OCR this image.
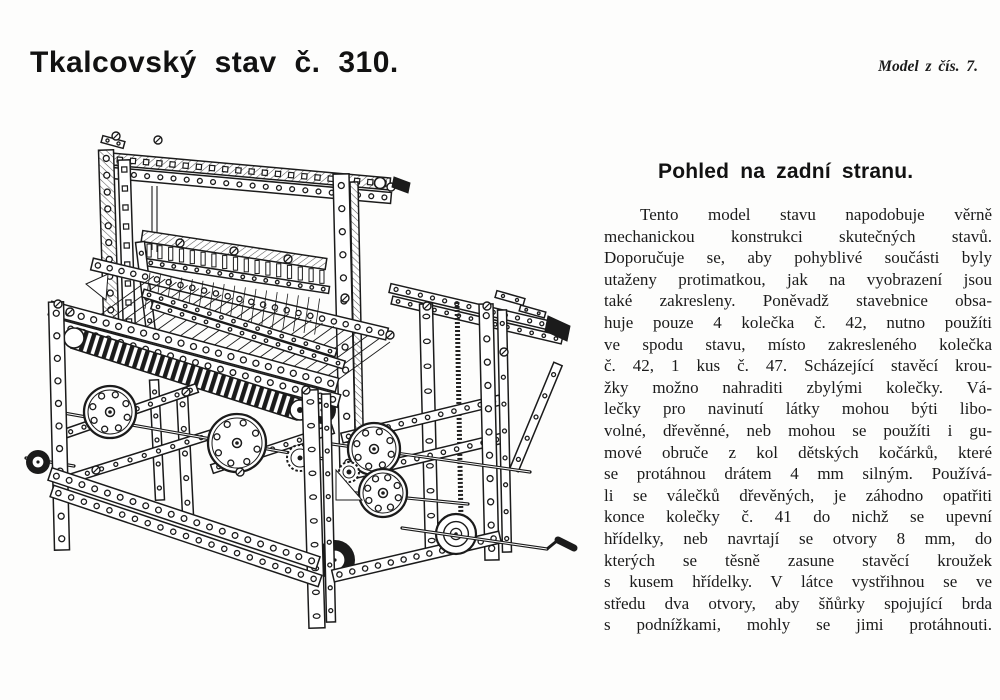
Tkalcovský stav č. 310.	Model z čís. 7.
Pohled na zadní stranu.
Tento model stavu napodobuje věrně
mechanickou konstrukci skutečných stavů.
Doporučuje se, aby pohyblivé součásti byly
utaženy protimatkou, jak na vyobrazení jsou
také zakresleny. Poněvadž stavebnice obsa-
huje pouze 4 kolečka č. 42, nutno použíti
ve spodu stavu, místo zakresleného kolečka
č. 42, 1 kus č. 47. Scházející stavěcí krou-
žky možno nahraditi zbylými kolečky. Vá-
lečky pro navinutí látky mohou býti libo-
volné, dřevěnné, neb mohou se použíti i gu-
mové obruče z kol dětských kočárků, které
se protáhnou drátem 4 mm silným. Používá-
li se válečků dřevěných, je záhodno opatřiti
konce kolečky č. 41 do nichž se upevní
hřídelky, neb navrtají se otvory 8 mm, do
kterých se těsně zasune stavěcí kroužek
s kusem hřídelky. V látce vystřihnou se ve
středu dva otvory, aby šňůrky spojující brda
s podnížkami, mohly se jimi protáhnouti.
